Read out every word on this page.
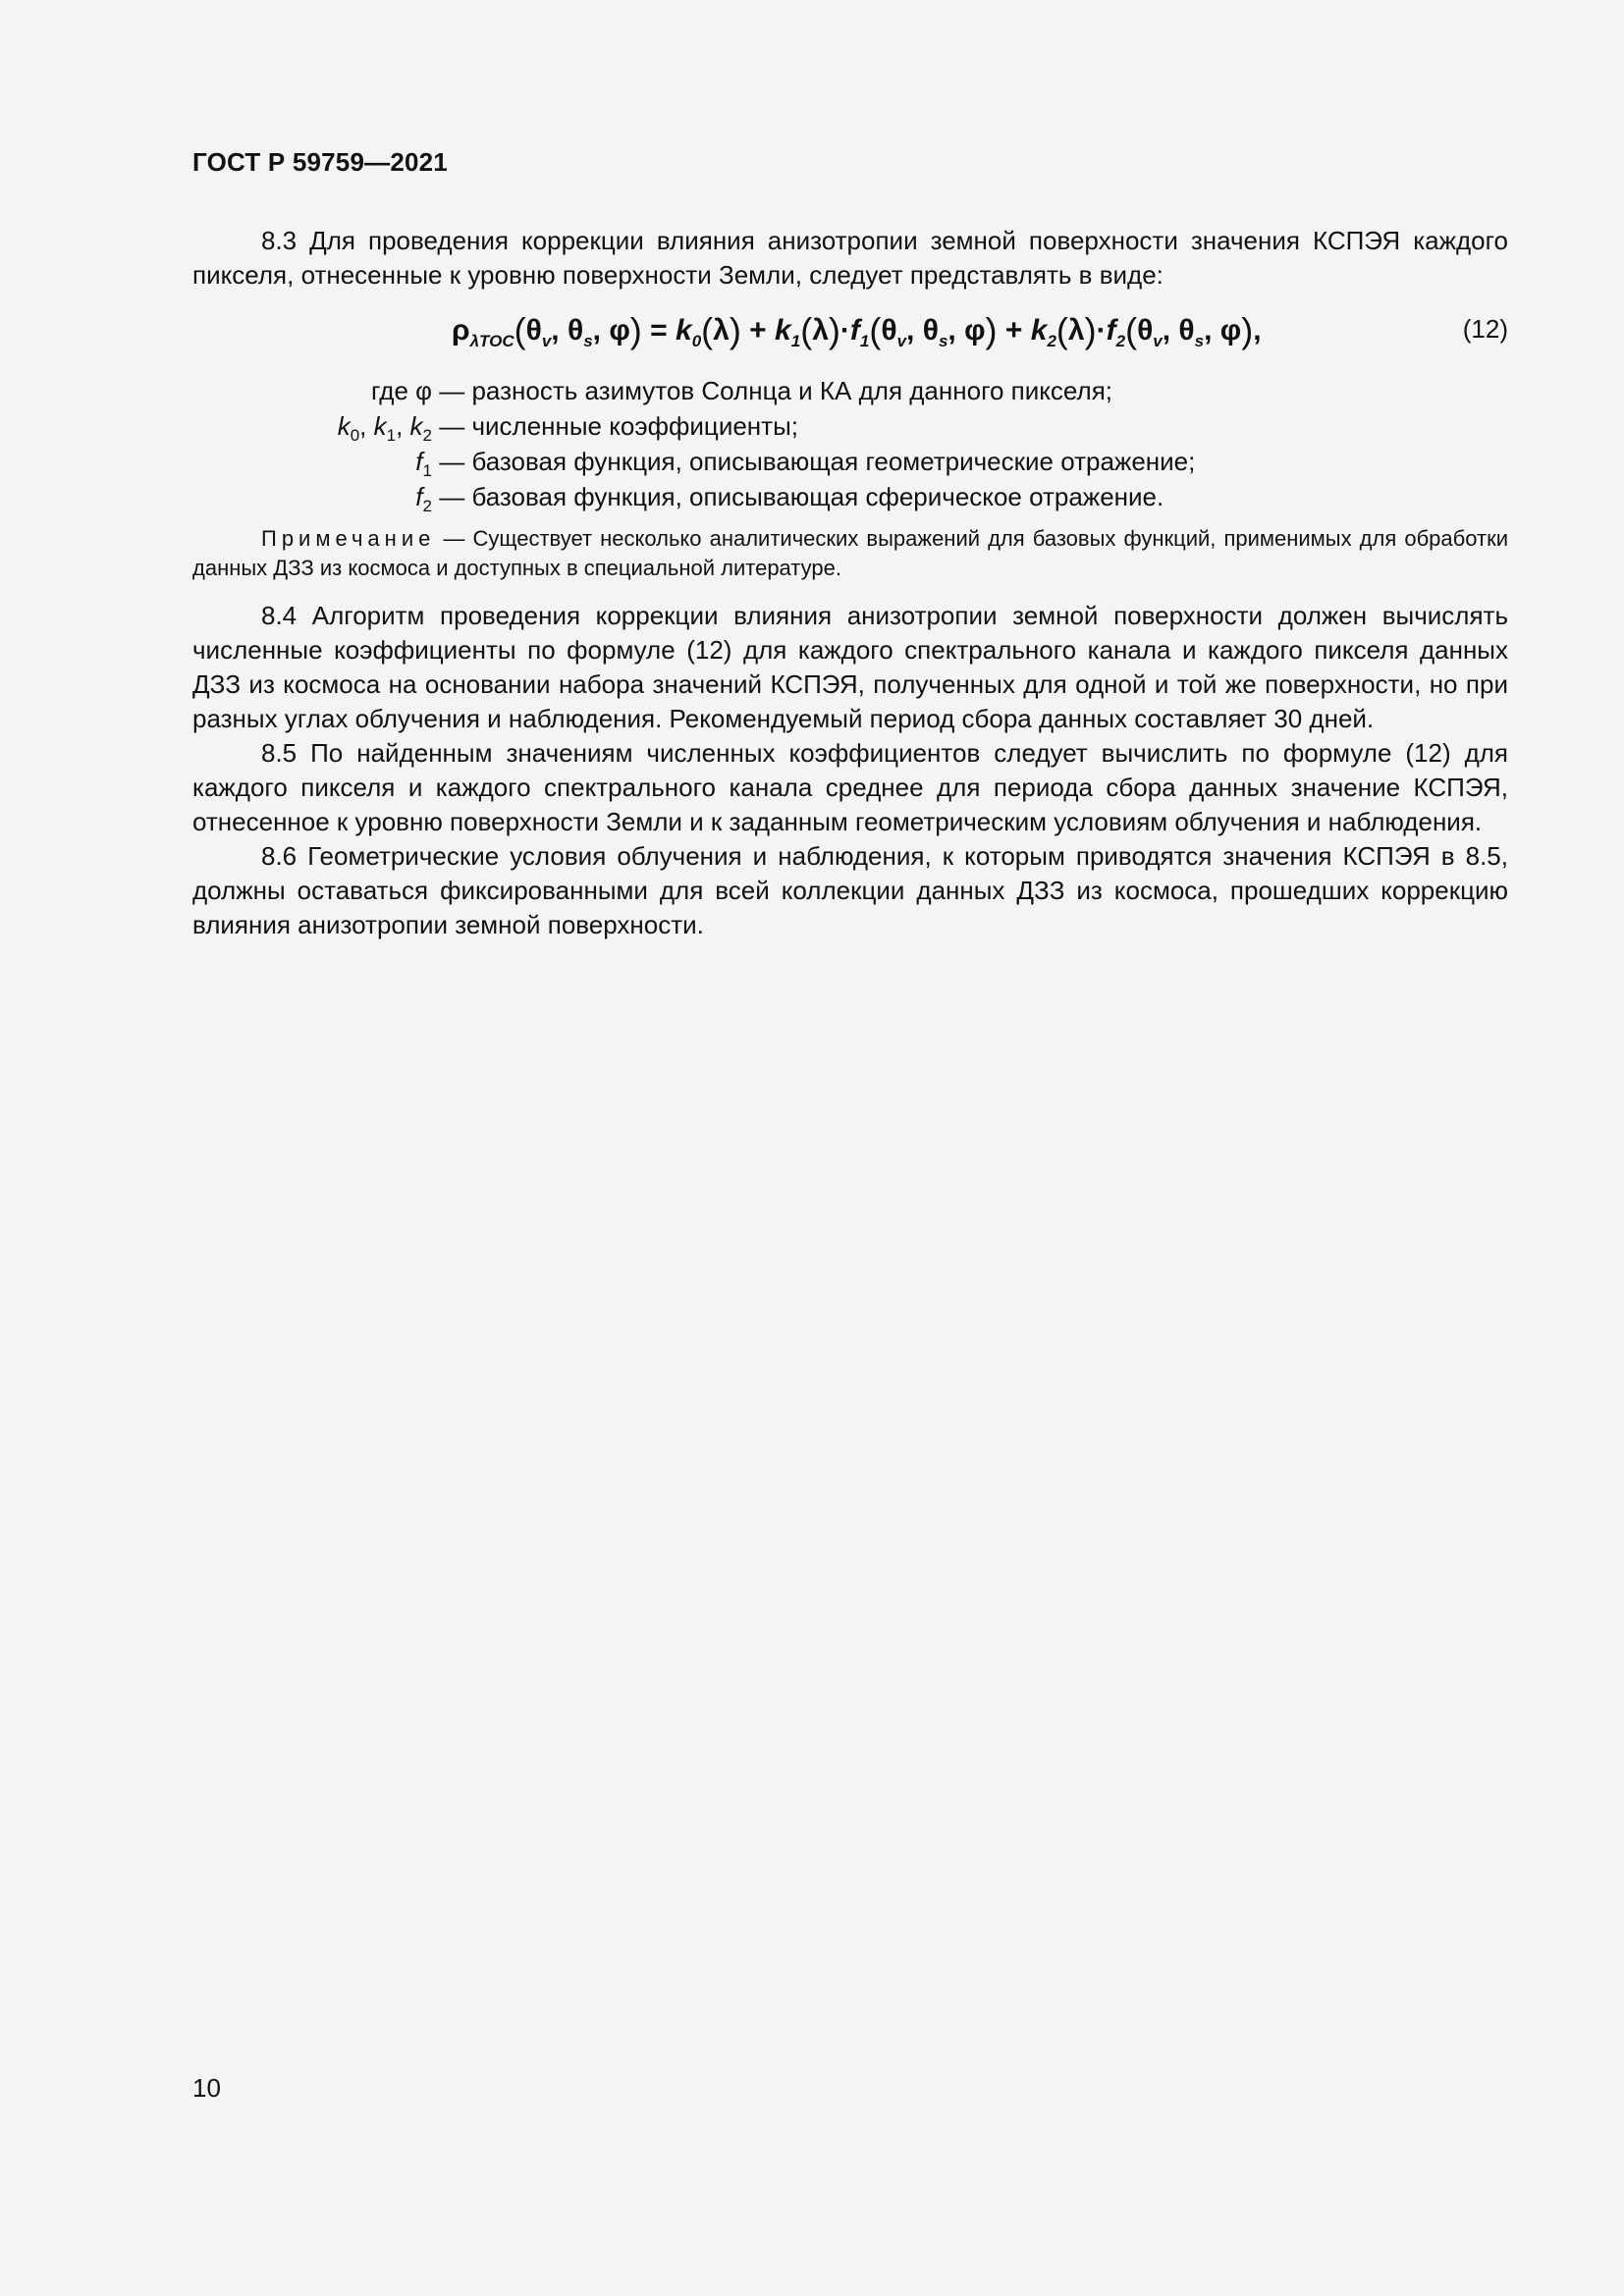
ГОСТ Р 59759—2021

8.3 Для проведения коррекции влияния анизотропии земной поверхности значения КСПЭЯ каждого пикселя, отнесенные к уровню поверхности Земли, следует представлять в виде:

$\rho_{\lambda TOC}(\theta_v$, $\theta_s$, $\varphi) = k_0(\lambda) + k_1(\lambda)\cdot f_1(\theta_v$, $\theta_s$, $\varphi) + k_2(\lambda)\cdot f_2(\theta_v$, $\theta_s$, φ),	(12)
где φ — разность азимутов Солнца и КА для данного пикселя;
$k_0$, $k_1$, $k_2$ — численные коэффициенты;
$f_1$ — базовая функция, описывающая геометрические отражение;
$f_2$ — базовая функция, описывающая сферическое отражение.
Примечание — Существует несколько аналитических выражений для базовых функций, применимых для обработки данных ДЗЗ из космоса и доступных в специальной литературе.

8.4 Алгоритм проведения коррекции влияния анизотропии земной поверхности должен вычислять численные коэффициенты по формуле (12) для каждого спектрального канала и каждого пикселя данных ДЗЗ из космоса на основании набора значений КСПЭЯ, полученных для одной и той же поверхности, но при разных углах облучения и наблюдения. Рекомендуемый период сбора данных составляет 30 дней.

8.5 По найденным значениям численных коэффициентов следует вычислить по формуле (12) для каждого пикселя и каждого спектрального канала среднее для периода сбора данных значение КСПЭЯ, отнесенное к уровню поверхности Земли и к заданным геометрическим условиям облучения и наблюдения.

8.6 Геометрические условия облучения и наблюдения, к которым приводятся значения КСПЭЯ в 8.5, должны оставаться фиксированными для всей коллекции данных ДЗЗ из космоса, прошедших коррекцию влияния анизотропии земной поверхности.

10
